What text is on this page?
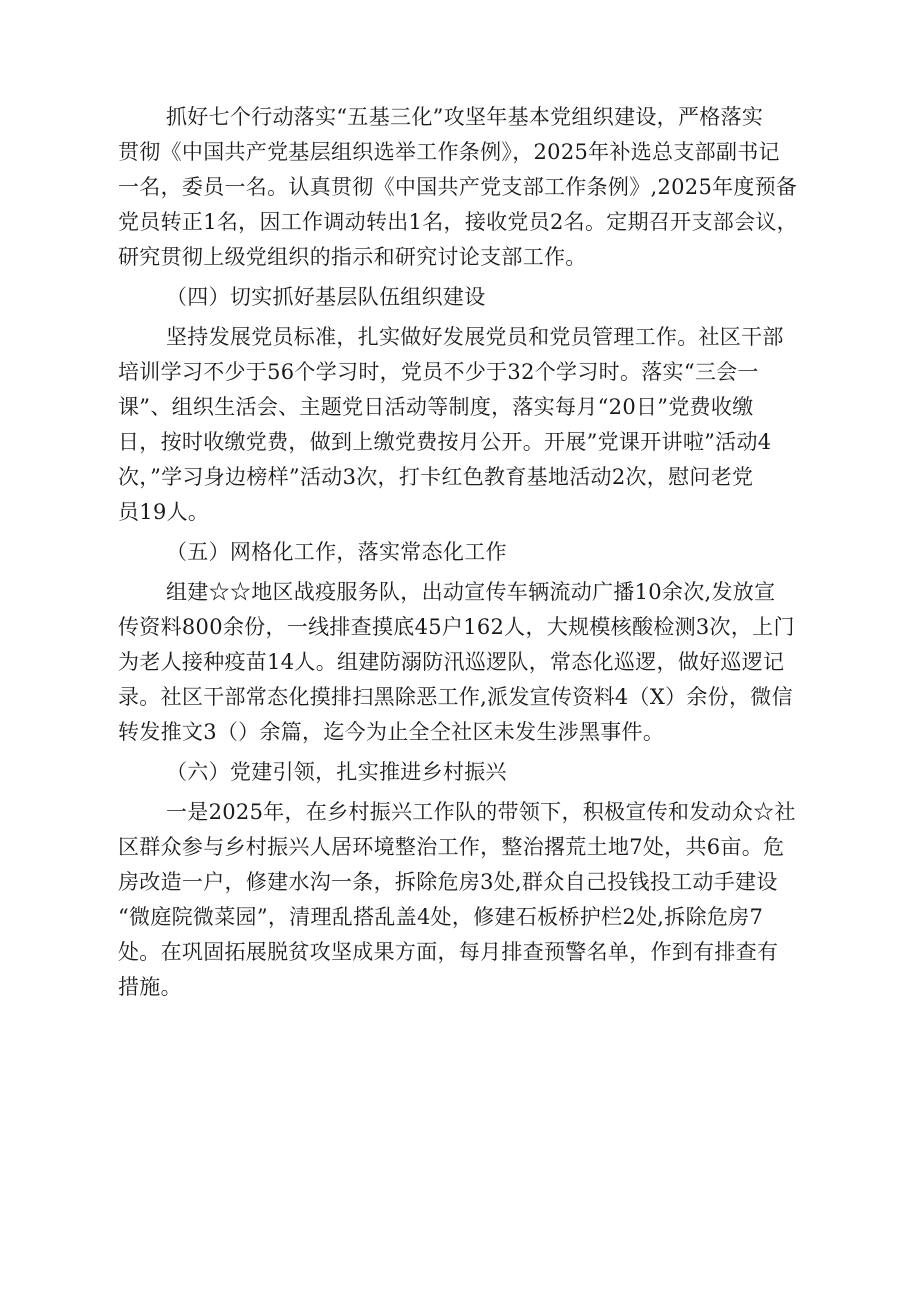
抓好七个行动落实“五基三化”攻坚年基本党组织建设，严格落实
贯彻《中国共产党基层组织选举工作条例》，2025年补选总支部副书记
一名，委员一名。认真贯彻《中国共产党支部工作条例》,2025年度预备
党员转正1名，因工作调动转出1名，接收党员2名。定期召开支部会议，
研究贯彻上级党组织的指示和研究讨论支部工作。
（四）切实抓好基层队伍组织建设
坚持发展党员标准，扎实做好发展党员和党员管理工作。社区干部
培训学习不少于56个学习时，党员不少于32个学习时。落实“三会一
课”、组织生活会、主题党日活动等制度，落实每月“20日”党费收缴
日，按时收缴党费，做到上缴党费按月公开。开展”党课开讲啦”活动4
次，”学习身边榜样”活动3次，打卡红色教育基地活动2次，慰问老党
员19人。
（五）网格化工作，落实常态化工作
组建☆☆地区战疫服务队，出动宣传车辆流动广播10余次,发放宣
传资料800余份，一线排查摸底45户162人，大规模核酸检测3次，上门
为老人接种疫苗14人。组建防溺防汛巡逻队，常态化巡逻，做好巡逻记
录。社区干部常态化摸排扫黑除恶工作,派发宣传资料4（X）余份，微信
转发推文3（）余篇，迄今为止全仝社区未发生涉黑事件。
（六）党建引领，扎实推进乡村振兴
一是2025年，在乡村振兴工作队的带领下，积极宣传和发动众☆社
区群众参与乡村振兴人居环境整治工作，整治撂荒土地7处，共6亩。危
房改造一户，修建水沟一条，拆除危房3处,群众自己投钱投工动手建设
“微庭院微菜园”，清理乱搭乱盖4处，修建石板桥护栏2处,拆除危房7
处。在巩固拓展脱贫攻坚成果方面，每月排查预警名单，作到有排查有
措施。
